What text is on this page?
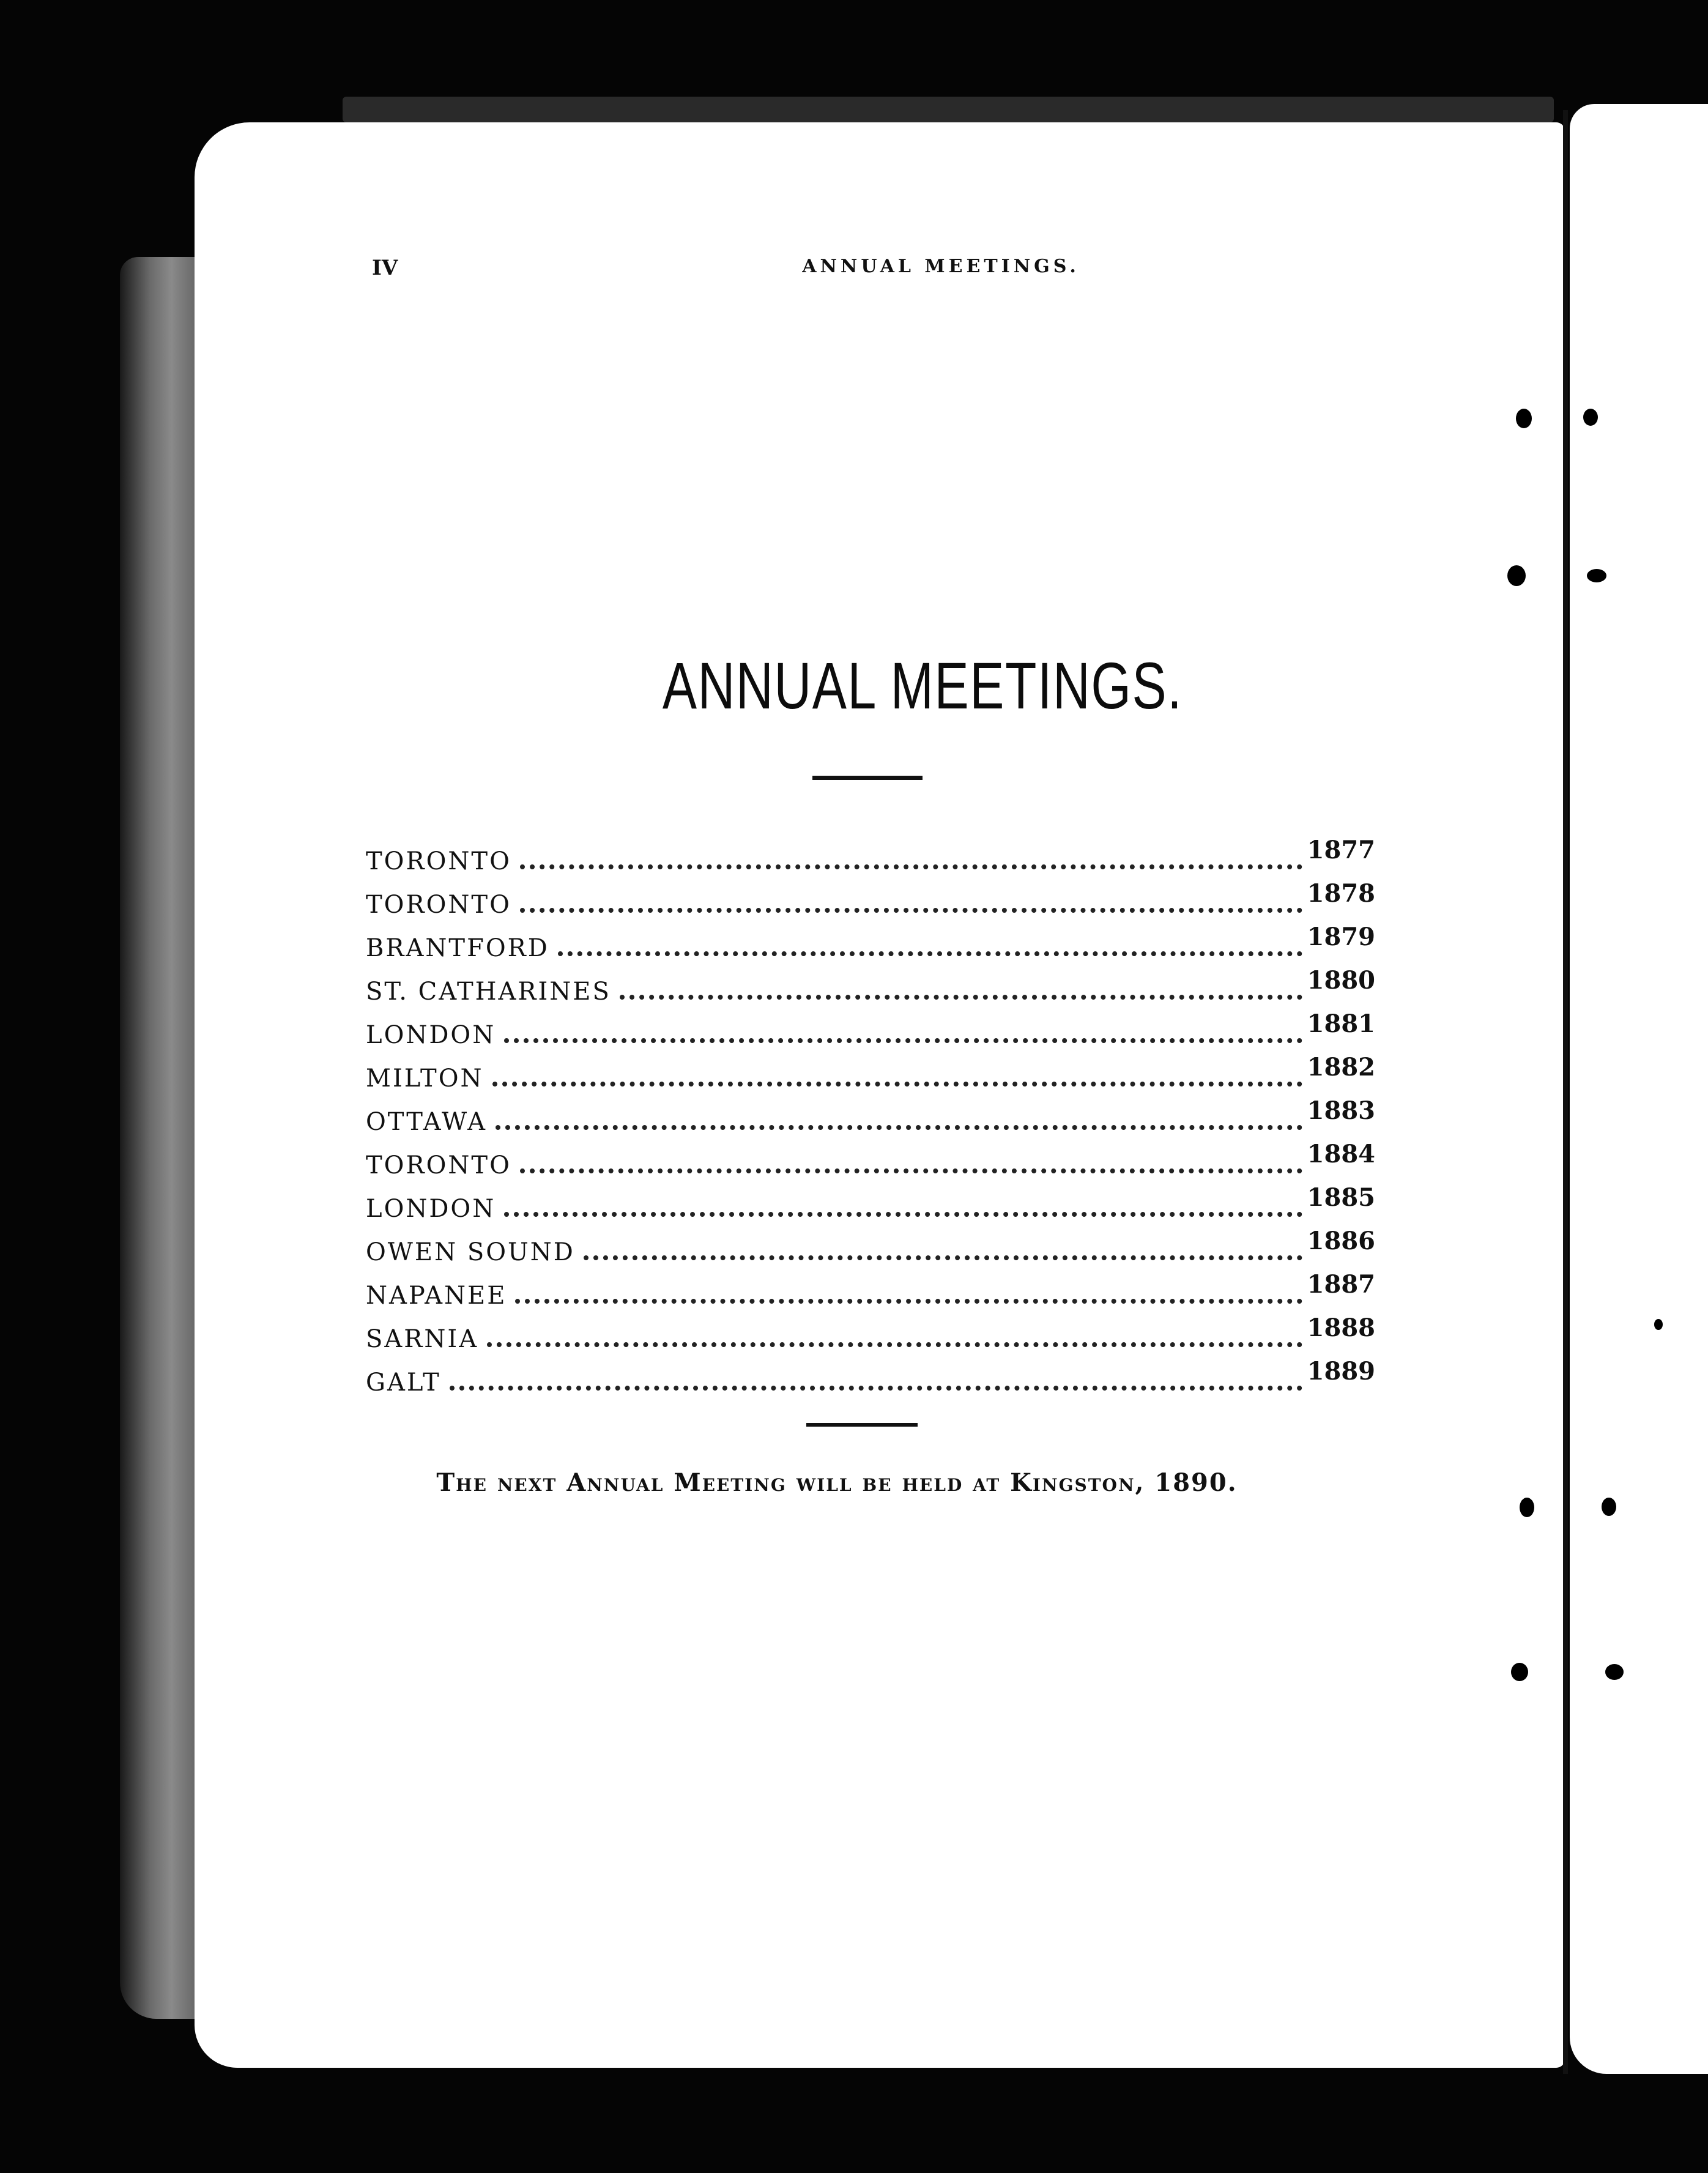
IV	ANNUAL MEETINGS.
ANNUAL MEETINGS.
TORONTO	1877
TORONTO	1878
BRANTFORD	1879
ST. CATHARINES	1880
LONDON	1881
MILTON	1882
OTTAWA	1883
TORONTO	1884
LONDON	1885
OWEN SOUND	1886
NAPANEE	1887
SARNIA	1888
GALT	1889
The next Annual Meeting will be held at Kingston, 1890.
